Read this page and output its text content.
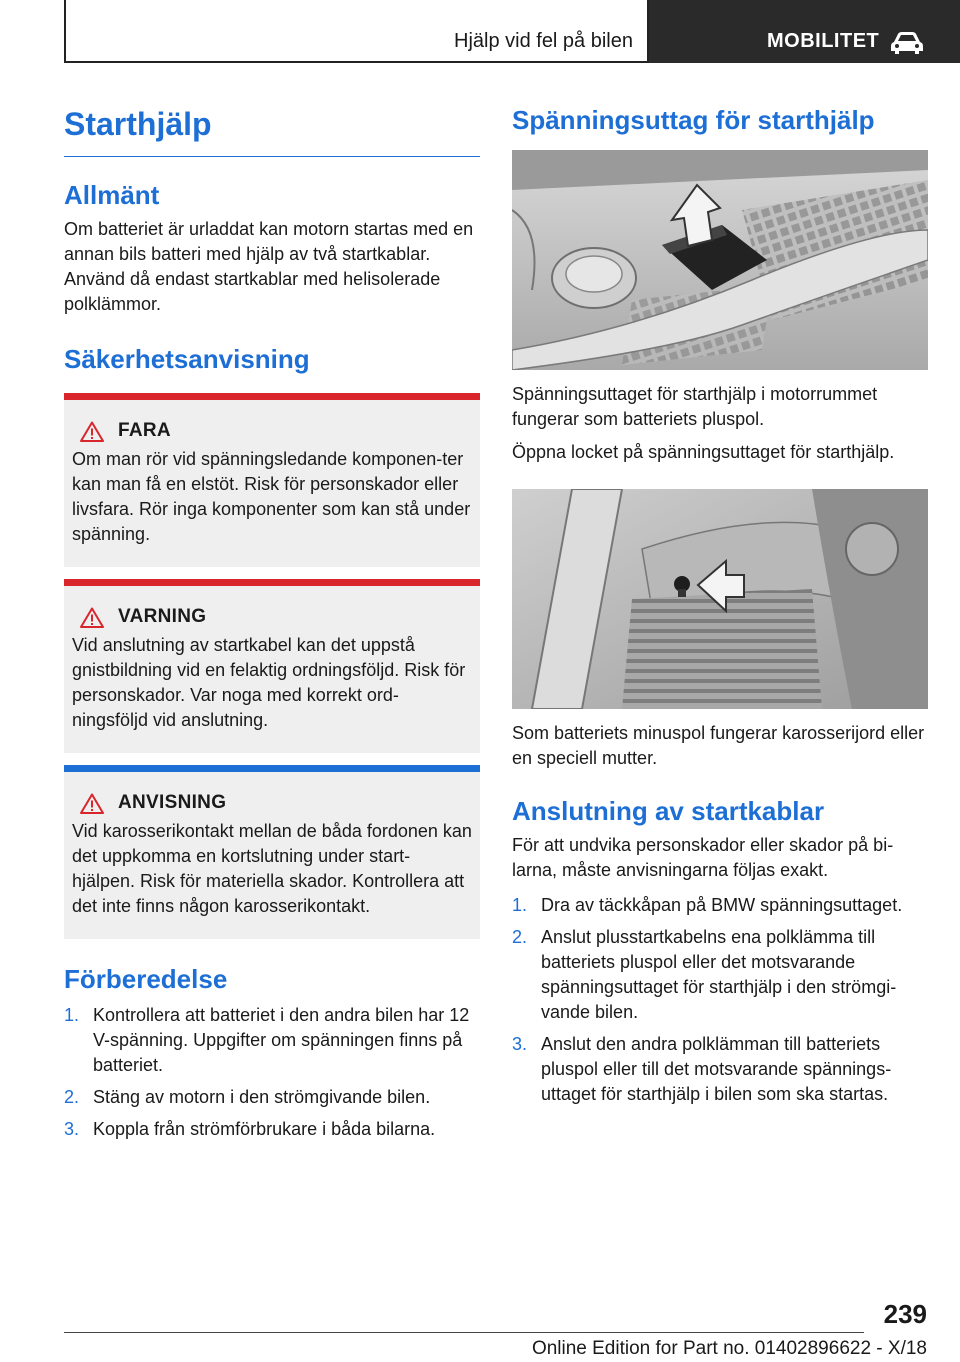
Hjälp vid fel på bilen	MOBILITET
Starthjälp
Allmänt

Om batteriet är urladdat kan motorn startas med en annan bils batteri med hjälp av två startkablar. Använd då endast startkablar med helisolerade polklämmor.

Säkerhetsanvisning
FARA

Om man rör vid spänningsledande komponen-ter kan man få en elstöt. Risk för personskador eller livsfara. Rör inga komponenter som kan stå under spänning.

VARNING

Vid anslutning av startkabel kan det uppstå gnistbildning vid en felaktig ordningsföljd. Risk för personskador. Var noga med korrekt ord-ningsföljd vid anslutning.

ANVISNING

Vid karosserikontakt mellan de båda fordonen kan det uppkomma en kortslutning under start-hjälpen. Risk för materiella skador. Kontrollera att det inte finns någon karosserikontakt.

Förberedelse
1. Kontrollera att batteriet i den andra bilen har 12 V-spänning. Uppgifter om spänningen finns på batteriet.
2. Stäng av motorn i den strömgivande bilen.
3. Koppla från strömförbrukare i båda bilarna.
Spänningsuttag för starthjälp

Spänningsuttaget för starthjälp i motorrummet fungerar som batteriets pluspol.

Öppna locket på spänningsuttaget för starthjälp.

Som batteriets minuspol fungerar karosserijord eller en speciell mutter.

Anslutning av startkablar

För att undvika personskador eller skador på bi-larna, måste anvisningarna följas exakt.

1. Dra av täckkåpan på BMW spänningsuttaget.
2. Anslut plusstartkabelns ena polklämma till batteriets pluspol eller det motsvarande spänningsuttaget för starthjälp i den strömgi-vande bilen.
3. Anslut den andra polklämman till batteriets pluspol eller till det motsvarande spännings-uttaget för starthjälp i bilen som ska startas.
239
Online Edition for Part no. 01402896622 - X/18
